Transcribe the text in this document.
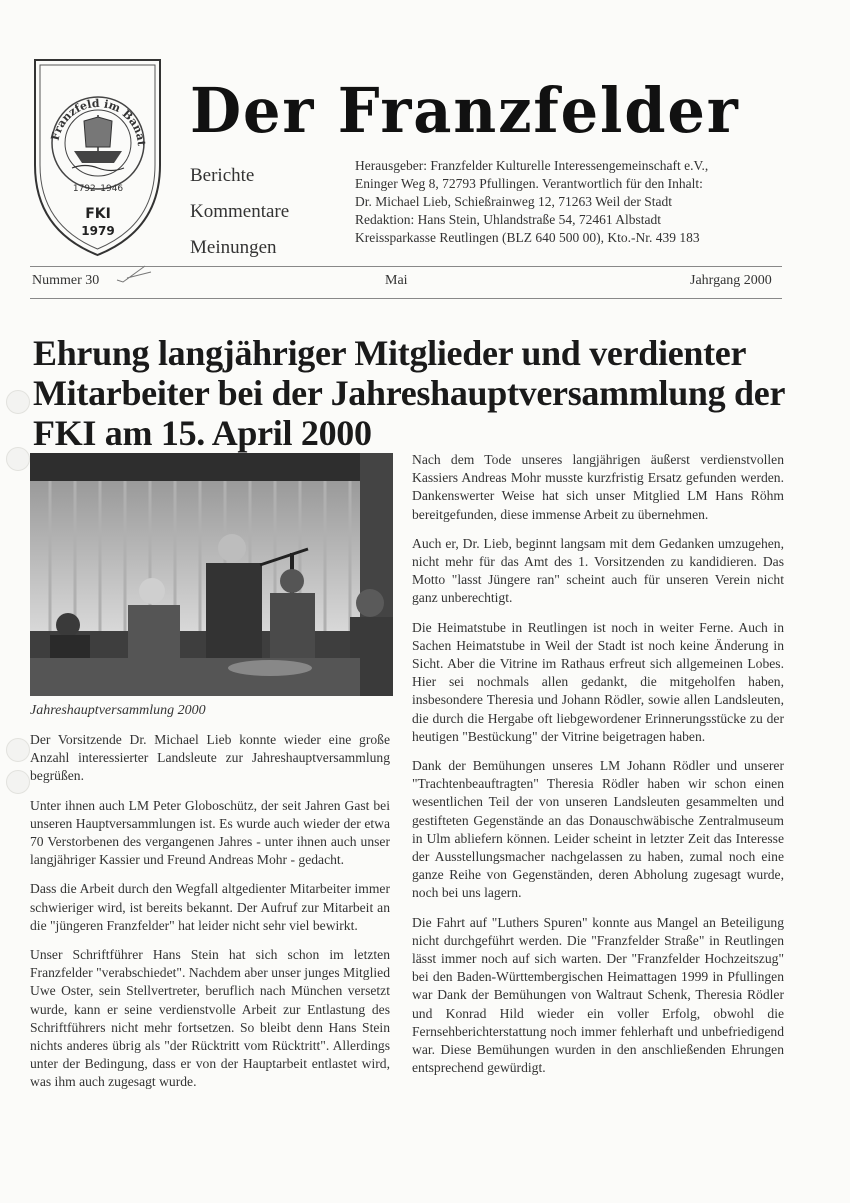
Franzfeld im Banat
1792–1946
FKI
1979
Der Franzfelder
Berichte
Kommentare
Meinungen
Herausgeber: Franzfelder Kulturelle Interessengemeinschaft e.V.,
Eninger Weg 8, 72793 Pfullingen. Verantwortlich für den Inhalt:
Dr. Michael Lieb, Schießrainweg 12, 71263 Weil der Stadt
Redaktion: Hans Stein, Uhlandstraße 54, 72461 Albstadt
Kreissparkasse Reutlingen (BLZ 640 500 00), Kto.-Nr. 439 183
Nummer 30	Mai	Jahrgang 2000
Ehrung langjähriger Mitglieder und verdienter Mitarbeiter bei der Jahreshauptversammlung der FKI am 15. April 2000
Jahreshauptversammlung 2000

Der Vorsitzende Dr. Michael Lieb konnte wieder eine große Anzahl interessierter Landsleute zur Jahreshauptversammlung begrüßen.

Unter ihnen auch LM Peter Globoschütz, der seit Jahren Gast bei unseren Hauptversammlungen ist. Es wurde auch wieder der etwa 70 Verstorbenen des vergangenen Jahres - unter ihnen auch unser langjähriger Kassier und Freund Andreas Mohr - gedacht.

Dass die Arbeit durch den Wegfall altgedienter Mitarbeiter immer schwieriger wird, ist bereits bekannt. Der Aufruf zur Mitarbeit an die "jüngeren Franzfelder" hat leider nicht sehr viel bewirkt.

Unser Schriftführer Hans Stein hat sich schon im letzten Franzfelder "verabschiedet". Nachdem aber unser junges Mitglied Uwe Oster, sein Stellvertreter, beruflich nach München versetzt wurde, kann er seine verdienstvolle Arbeit zur Entlastung des Schriftführers nicht mehr fortsetzen. So bleibt denn Hans Stein nichts anderes übrig als "der Rücktritt vom Rücktritt". Allerdings unter der Bedingung, dass er von der Hauptarbeit entlastet wird, was ihm auch zugesagt wurde.

Nach dem Tode unseres langjährigen äußerst verdienstvollen Kassiers Andreas Mohr musste kurzfristig Ersatz gefunden werden. Dankenswerter Weise hat sich unser Mitglied LM Hans Röhm bereitgefunden, diese immense Arbeit zu übernehmen.

Auch er, Dr. Lieb, beginnt langsam mit dem Gedanken umzugehen, nicht mehr für das Amt des 1. Vorsitzenden zu kandidieren. Das Motto "lasst Jüngere ran" scheint auch für unseren Verein nicht ganz unberechtigt.

Die Heimatstube in Reutlingen ist noch in weiter Ferne. Auch in Sachen Heimatstube in Weil der Stadt ist noch keine Änderung in Sicht. Aber die Vitrine im Rathaus erfreut sich allgemeinen Lobes. Hier sei nochmals allen gedankt, die mitgeholfen haben, insbesondere Theresia und Johann Rödler, sowie allen Landsleuten, die durch die Hergabe oft liebgewordener Erinnerungsstücke zu der heutigen "Bestückung" der Vitrine beigetragen haben.

Dank der Bemühungen unseres LM Johann Rödler und unserer "Trachtenbeauftragten" Theresia Rödler haben wir schon einen wesentlichen Teil der von unseren Landsleuten gesammelten und gestifteten Gegenstände an das Donauschwäbische Zentralmuseum in Ulm abliefern können. Leider scheint in letzter Zeit das Interesse der Ausstellungsmacher nachgelassen zu haben, zumal noch eine ganze Reihe von Gegenständen, deren Abholung zugesagt wurde, noch bei uns lagern.

Die Fahrt auf "Luthers Spuren" konnte aus Mangel an Beteiligung nicht durchgeführt werden. Die "Franzfelder Straße" in Reutlingen lässt immer noch auf sich warten. Der "Franzfelder Hochzeitszug" bei den Baden-Württembergischen Heimattagen 1999 in Pfullingen war Dank der Bemühungen von Waltraut Schenk, Theresia Rödler und Konrad Hild wieder ein voller Erfolg, obwohl die Fernsehberichterstattung noch immer fehlerhaft und unbefriedigend war. Diese Bemühungen wurden in den anschließenden Ehrungen entsprechend gewürdigt.
